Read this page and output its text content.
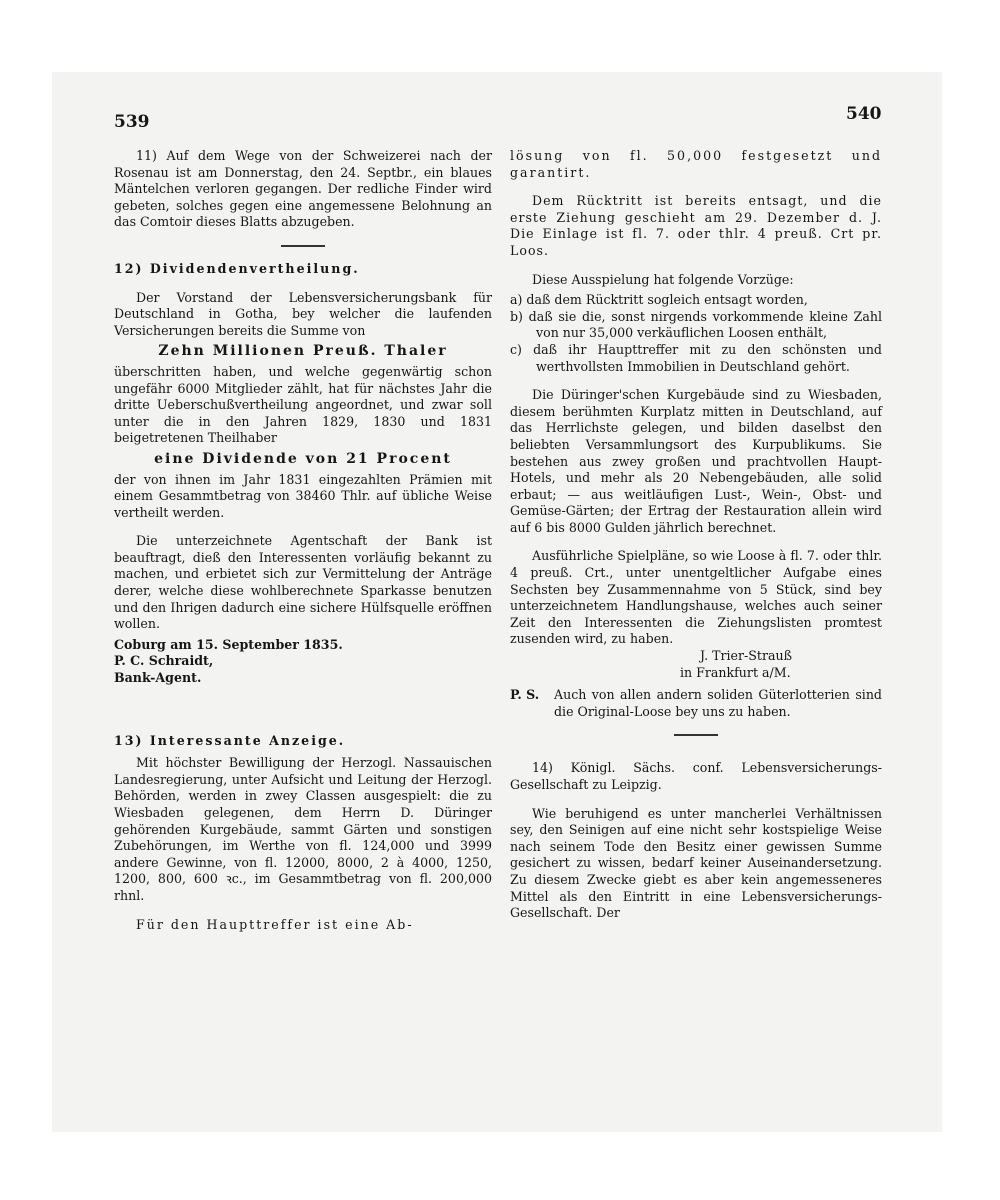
539	540

11) Auf dem Wege von der Schweizerei nach der Rosenau ist am Donnerstag, den 24. Septbr., ein blaues Mäntelchen verloren gegangen. Der redliche Finder wird gebeten, solches gegen eine angemessene Belohnung an das Comtoir dieses Blatts abzugeben.

12) Dividendenvertheilung.

Der Vorstand der Lebensversicherungsbank für Deutschland in Gotha, bey welcher die laufenden Versicherungen bereits die Summe von

Zehn Millionen Preuß. Thaler

überschritten haben, und welche gegenwärtig schon ungefähr 6000 Mitglieder zählt, hat für nächstes Jahr die dritte Ueberschußvertheilung angeordnet, und zwar soll unter die in den Jahren 1829, 1830 und 1831 beigetretenen Theilhaber

eine Dividende von 21 Procent

der von ihnen im Jahr 1831 eingezahlten Prämien mit einem Gesammtbetrag von 38460 Thlr. auf übliche Weise vertheilt werden.

Die unterzeichnete Agentschaft der Bank ist beauftragt, dieß den Interessenten vorläufig bekannt zu machen, und erbietet sich zur Vermittelung der Anträge derer, welche diese wohlberechnete Sparkasse benutzen und den Ihrigen dadurch eine sichere Hülfsquelle eröffnen wollen.

Coburg am 15. September 1835.

P. C. Schraidt,

Bank-Agent.

13) Interessante Anzeige.

Mit höchster Bewilligung der Herzogl. Nassauischen Landesregierung, unter Aufsicht und Leitung der Herzogl. Behörden, werden in zwey Classen ausgespielt: die zu Wiesbaden gelegenen, dem Herrn D. Düringer gehörenden Kurgebäude, sammt Gärten und sonstigen Zubehörungen, im Werthe von fl. 124,000 und 3999 andere Gewinne, von fl. 12000, 8000, 2 à 4000, 1250, 1200, 800, 600 ꝛc., im Gesammtbetrag von fl. 200,000 rhnl.

Für den Haupttreffer ist eine Ab-

lösung von fl. 50,000 festgesetzt und garantirt.

Dem Rücktritt ist bereits entsagt, und die erste Ziehung geschieht am 29. Dezember d. J. Die Einlage ist fl. 7. oder thlr. 4 preuß. Crt pr. Loos.

Diese Ausspielung hat folgende Vorzüge:

a) daß dem Rücktritt sogleich entsagt worden,

b) daß sie die, sonst nirgends vorkommende kleine Zahl von nur 35,000 verkäuflichen Loosen enthält,

c) daß ihr Haupttreffer mit zu den schönsten und werthvollsten Immobilien in Deutschland gehört.

Die Düringer'schen Kurgebäude sind zu Wiesbaden, diesem berühmten Kurplatz mitten in Deutschland, auf das Herrlichste gelegen, und bilden daselbst den beliebten Versammlungsort des Kurpublikums. Sie bestehen aus zwey großen und prachtvollen Haupt-Hotels, und mehr als 20 Nebengebäuden, alle solid erbaut; — aus weitläufigen Lust-, Wein-, Obst- und Gemüse-Gärten; der Ertrag der Restauration allein wird auf 6 bis 8000 Gulden jährlich berechnet.

Ausführliche Spielpläne, so wie Loose à fl. 7. oder thlr. 4 preuß. Crt., unter unentgeltlicher Aufgabe eines Sechsten bey Zusammennahme von 5 Stück, sind bey unterzeichnetem Handlungshause, welches auch seiner Zeit den Interessenten die Ziehungslisten promtest zusenden wird, zu haben.

J. Trier-Strauß

in Frankfurt a/M.

P. S.	Auch von allen andern soliden Güterlotterien sind die Original-Loose bey uns zu haben.

14) Königl. Sächs. conf. Lebensversicherungs-Gesellschaft zu Leipzig.

Wie beruhigend es unter mancherlei Verhältnissen sey, den Seinigen auf eine nicht sehr kostspielige Weise nach seinem Tode den Besitz einer gewissen Summe gesichert zu wissen, bedarf keiner Auseinandersetzung. Zu diesem Zwecke giebt es aber kein angemesseneres Mittel als den Eintritt in eine Lebensversicherungs-Gesellschaft. Der
